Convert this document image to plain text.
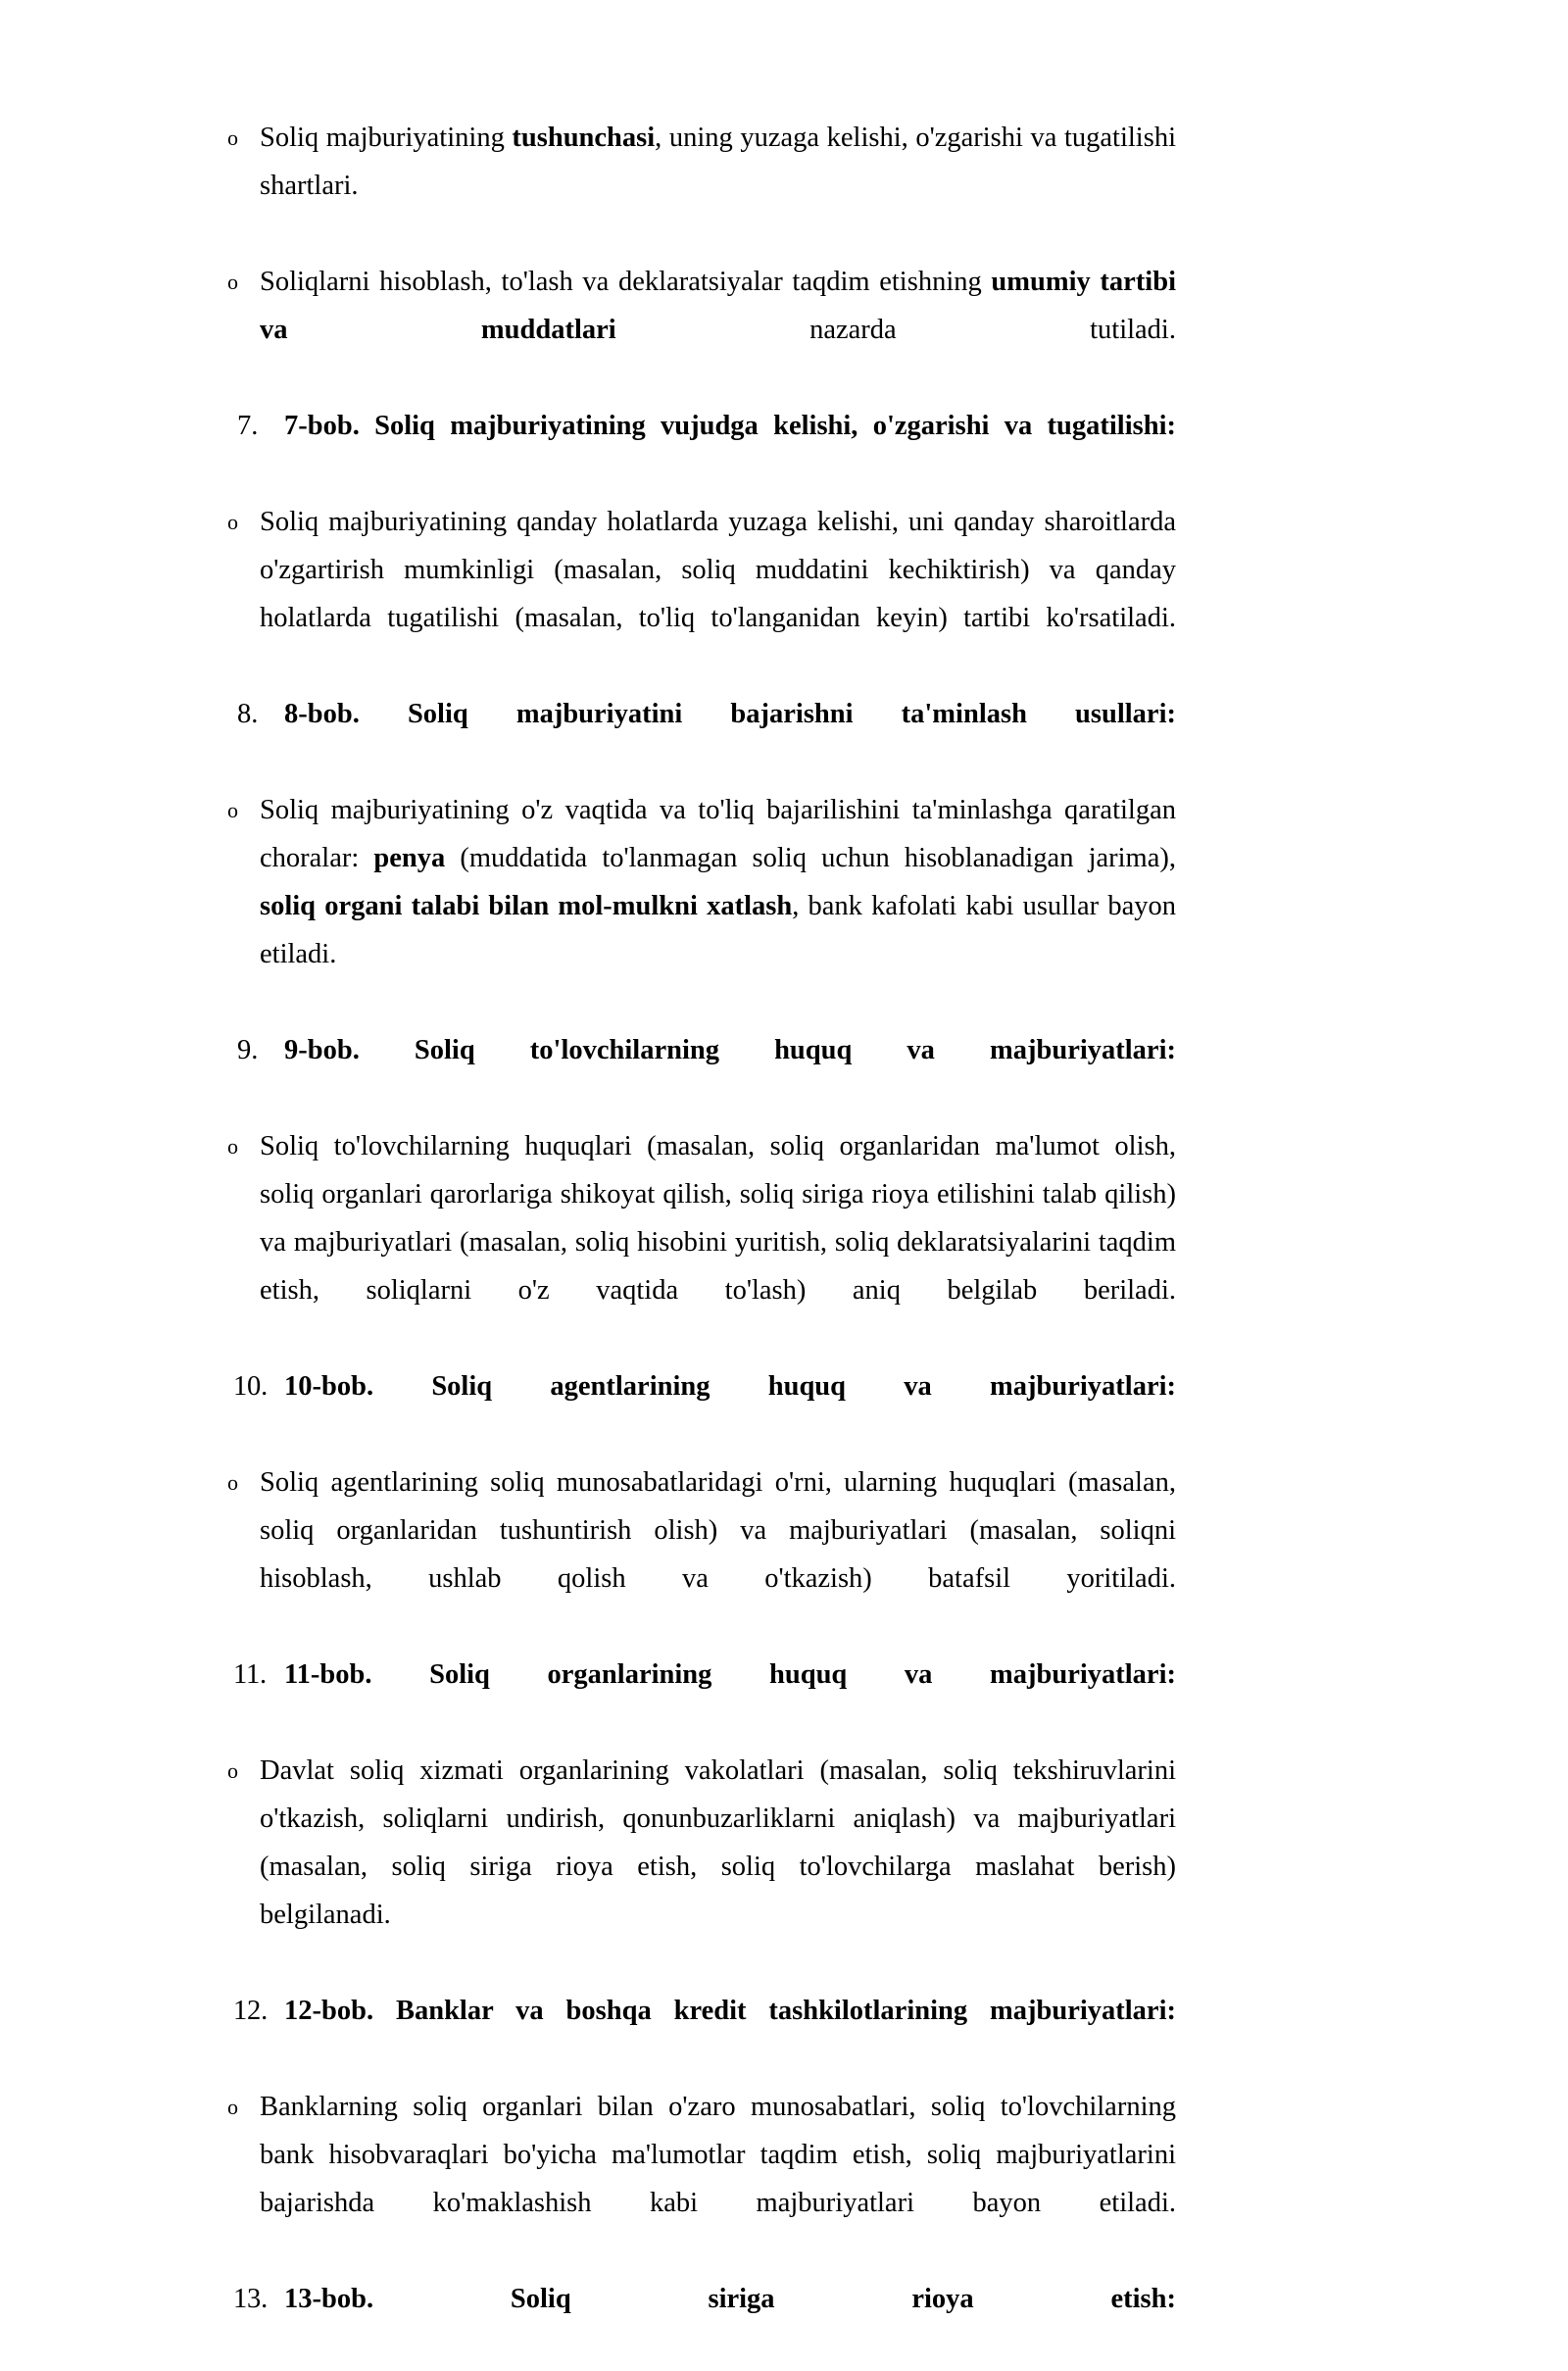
o Soliq majburiyatining tushunchasi, uning yuzaga kelishi, o'zgarishi va tugatilishi shartlari.

o Soliqlarni hisoblash, to'lash va deklaratsiyalar taqdim etishning umumiy tartibi va muddatlari nazarda tutiladi.

7. 7-bob. Soliq majburiyatining vujudga kelishi, o'zgarishi va tugatilishi:

o Soliq majburiyatining qanday holatlarda yuzaga kelishi, uni qanday sharoitlarda o'zgartirish mumkinligi (masalan, soliq muddatini kechiktirish) va qanday holatlarda tugatilishi (masalan, to'liq to'langanidan keyin) tartibi ko'rsatiladi.

8. 8-bob. Soliq majburiyatini bajarishni ta'minlash usullari:

o Soliq majburiyatining o'z vaqtida va to'liq bajarilishini ta'minlashga qaratilgan choralar: penya (muddatida to'lanmagan soliq uchun hisoblanadigan jarima), soliq organi talabi bilan mol-mulkni xatlash, bank kafolati kabi usullar bayon etiladi.

9. 9-bob. Soliq to'lovchilarning huquq va majburiyatlari:

o Soliq to'lovchilarning huquqlari (masalan, soliq organlaridan ma'lumot olish, soliq organlari qarorlariga shikoyat qilish, soliq siriga rioya etilishini talab qilish) va majburiyatlari (masalan, soliq hisobini yuritish, soliq deklaratsiyalarini taqdim etish, soliqlarni o'z vaqtida to'lash) aniq belgilab beriladi.

10. 10-bob. Soliq agentlarining huquq va majburiyatlari:

o Soliq agentlarining soliq munosabatlaridagi o'rni, ularning huquqlari (masalan, soliq organlaridan tushuntirish olish) va majburiyatlari (masalan, soliqni hisoblash, ushlab qolish va o'tkazish) batafsil yoritiladi.

11. 11-bob. Soliq organlarining huquq va majburiyatlari:

o Davlat soliq xizmati organlarining vakolatlari (masalan, soliq tekshiruvlarini o'tkazish, soliqlarni undirish, qonunbuzarliklarni aniqlash) va majburiyatlari (masalan, soliq siriga rioya etish, soliq to'lovchilarga maslahat berish) belgilanadi.

12. 12-bob. Banklar va boshqa kredit tashkilotlarining majburiyatlari:

o Banklarning soliq organlari bilan o'zaro munosabatlari, soliq to'lovchilarning bank hisobvaraqlari bo'yicha ma'lumotlar taqdim etish, soliq majburiyatlarini bajarishda ko'maklashish kabi majburiyatlari bayon etiladi.

13. 13-bob. Soliq siriga rioya etish:
